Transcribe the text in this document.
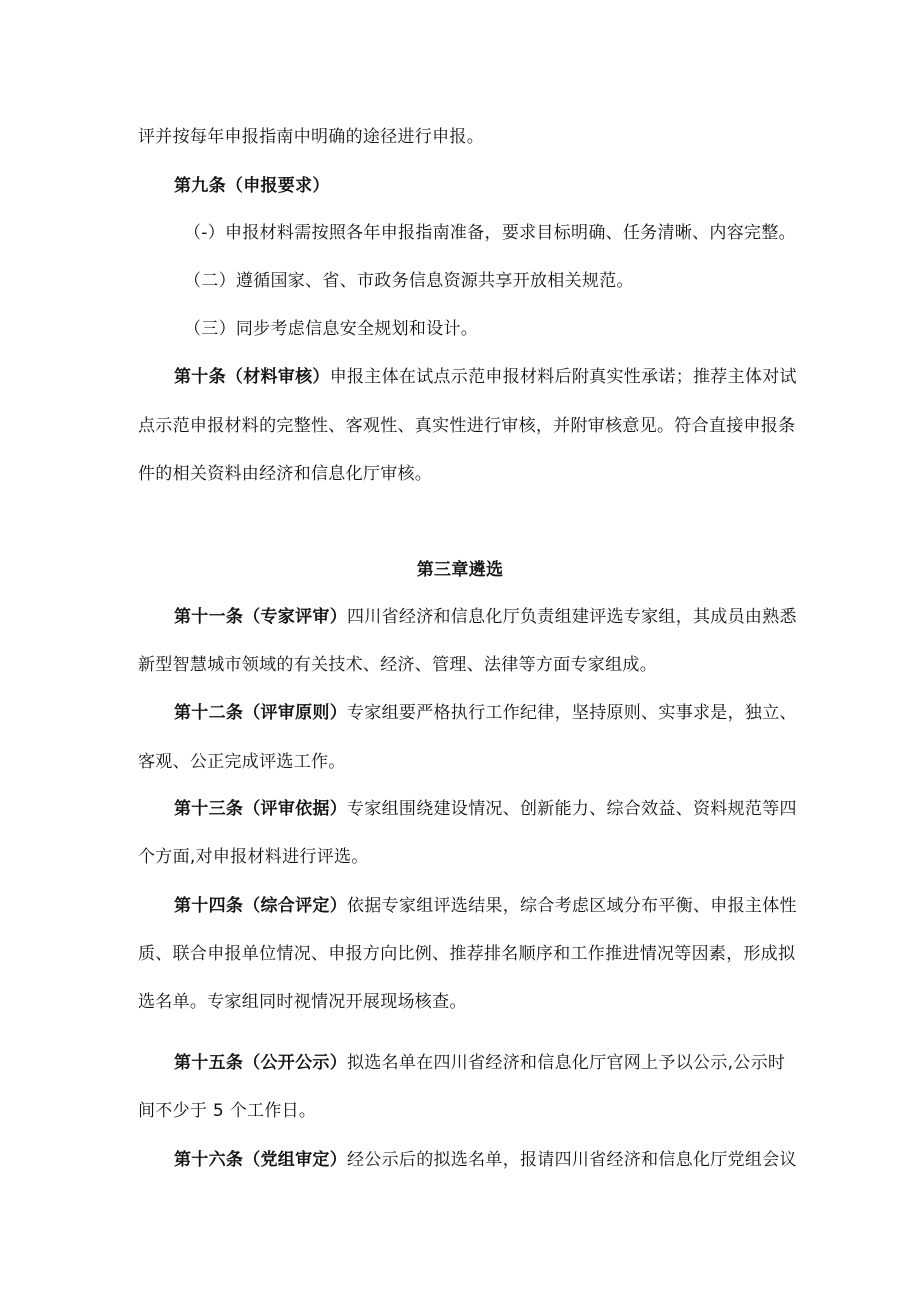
评并按每年申报指南中明确的途径进行申报。
第九条（申报要求）
（-）申报材料需按照各年申报指南准备，要求目标明确、任务清晰、内容完整。
（二）遵循国家、省、市政务信息资源共享开放相关规范。
（三）同步考虑信息安全规划和设计。
第十条（材料审核）申报主体在试点示范申报材料后附真实性承诺；推荐主体对试
点示范申报材料的完整性、客观性、真实性进行审核，并附审核意见。符合直接申报条
件的相关资料由经济和信息化厅审核。
第三章遴选
第十一条（专家评审）四川省经济和信息化厅负责组建评选专家组，其成员由熟悉
新型智慧城市领域的有关技术、经济、管理、法律等方面专家组成。
第十二条（评审原则）专家组要严格执行工作纪律，坚持原则、实事求是，独立、
客观、公正完成评选工作。
第十三条（评审依据）专家组围绕建设情况、创新能力、综合效益、资料规范等四
个方面,对申报材料进行评选。
第十四条（综合评定）依据专家组评选结果，综合考虑区域分布平衡、申报主体性
质、联合申报单位情况、申报方向比例、推荐排名顺序和工作推进情况等因素，形成拟
选名单。专家组同时视情况开展现场核查。
第十五条（公开公示）拟选名单在四川省经济和信息化厅官网上予以公示,公示时
间不少于 5 个工作日。
第十六条（党组审定）经公示后的拟选名单，报请四川省经济和信息化厅党组会议
